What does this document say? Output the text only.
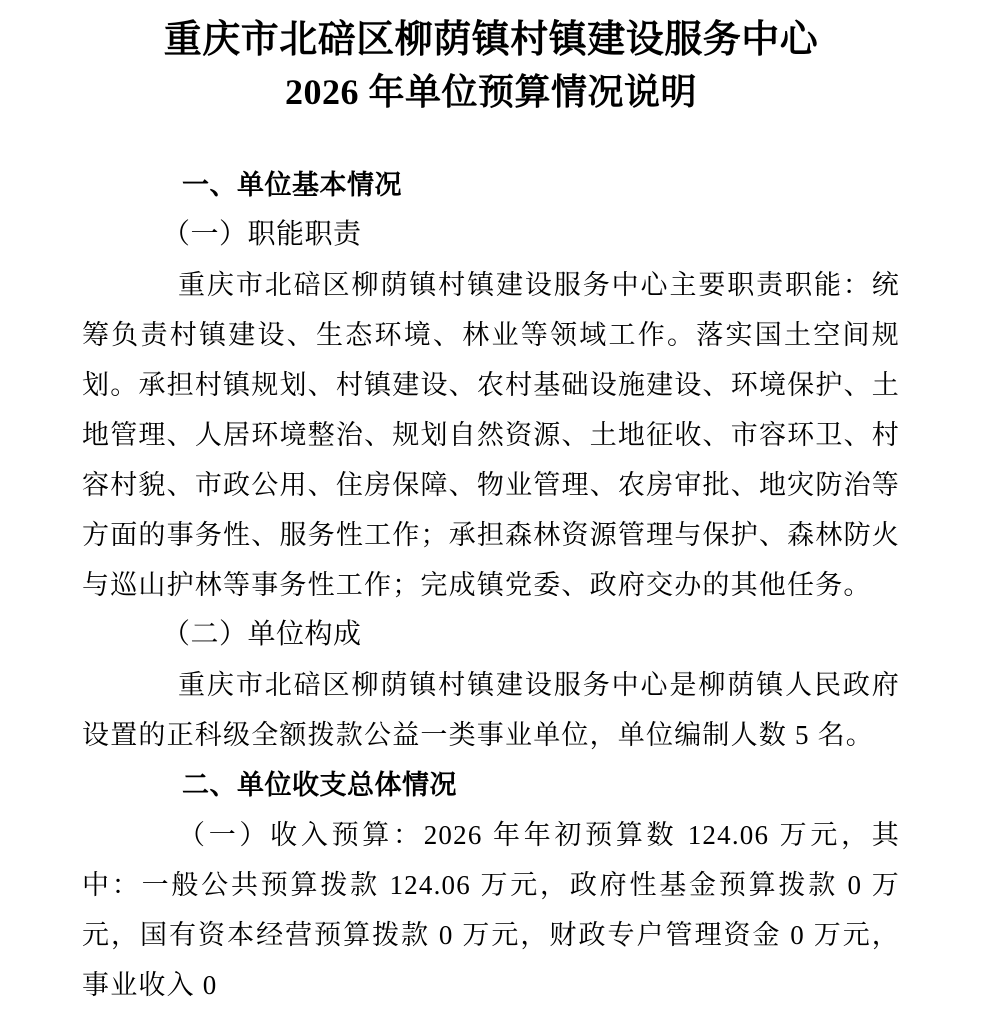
重庆市北碚区柳荫镇村镇建设服务中心
2026 年单位预算情况说明

一、单位基本情况

（一）职能职责

重庆市北碚区柳荫镇村镇建设服务中心主要职责职能：统筹负责村镇建设、生态环境、林业等领域工作。落实国土空间规划。承担村镇规划、村镇建设、农村基础设施建设、环境保护、土地管理、人居环境整治、规划自然资源、土地征收、市容环卫、村容村貌、市政公用、住房保障、物业管理、农房审批、地灾防治等方面的事务性、服务性工作；承担森林资源管理与保护、森林防火与巡山护林等事务性工作；完成镇党委、政府交办的其他任务。

（二）单位构成

重庆市北碚区柳荫镇村镇建设服务中心是柳荫镇人民政府设置的正科级全额拨款公益一类事业单位，单位编制人数 5 名。

二、单位收支总体情况

（一）收入预算：2026 年年初预算数 124.06 万元，其中：一般公共预算拨款 124.06 万元，政府性基金预算拨款 0 万元，国有资本经营预算拨款 0 万元，财政专户管理资金 0 万元，事业收入 0
